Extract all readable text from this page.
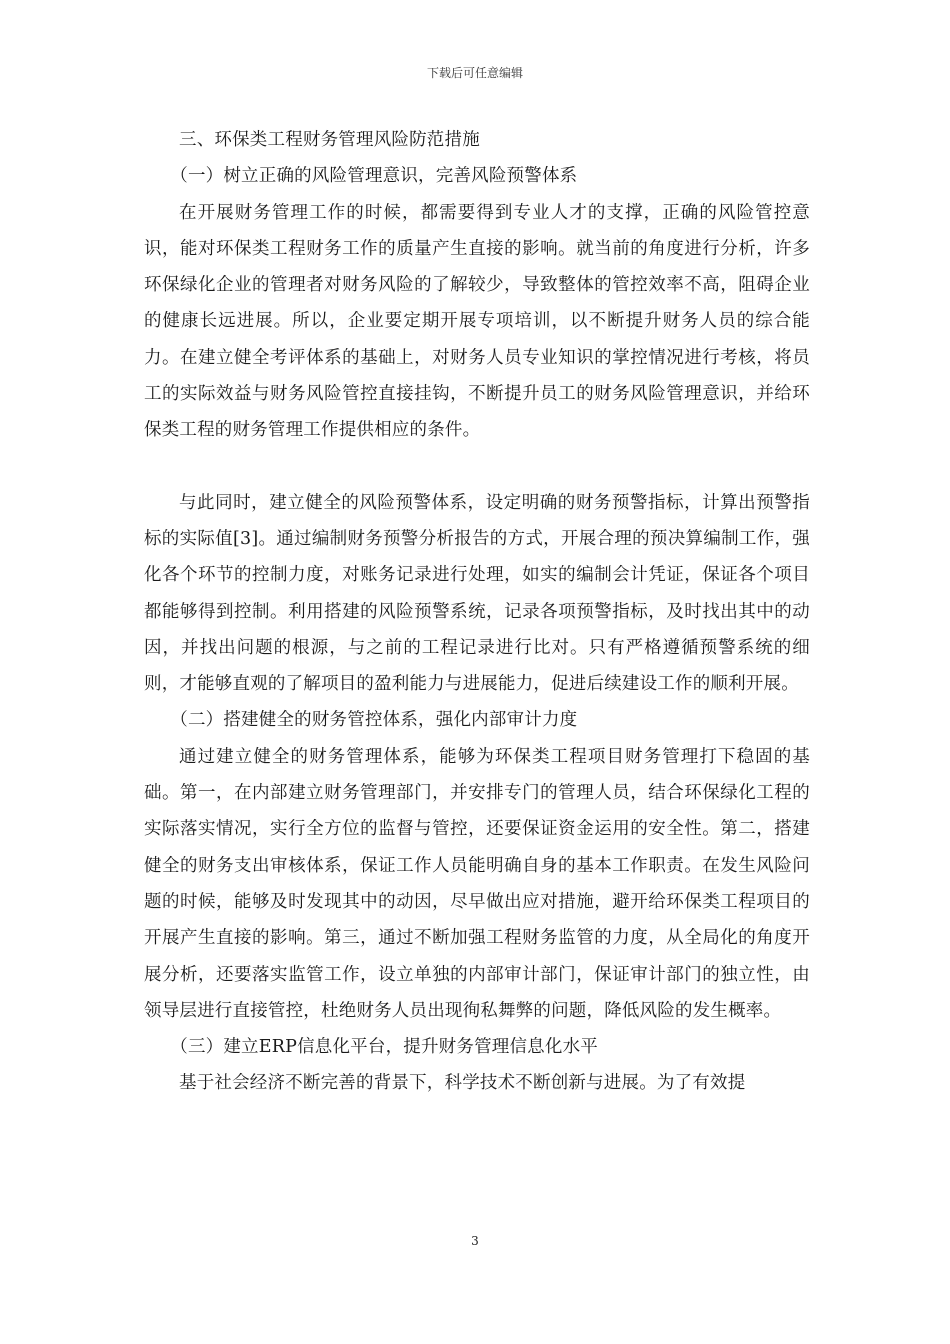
下载后可任意编辑

三、环保类工程财务管理风险防范措施

（一）树立正确的风险管理意识，完善风险预警体系

在开展财务管理工作的时候，都需要得到专业人才的支撑，正确的风险管控意识，能对环保类工程财务工作的质量产生直接的影响。就当前的角度进行分析，许多环保绿化企业的管理者对财务风险的了解较少，导致整体的管控效率不高，阻碍企业的健康长远进展。所以，企业要定期开展专项培训，以不断提升财务人员的综合能力。在建立健全考评体系的基础上，对财务人员专业知识的掌控情况进行考核，将员工的实际效益与财务风险管控直接挂钩，不断提升员工的财务风险管理意识，并给环保类工程的财务管理工作提供相应的条件。

与此同时，建立健全的风险预警体系，设定明确的财务预警指标，计算出预警指标的实际值[3]。通过编制财务预警分析报告的方式，开展合理的预决算编制工作，强化各个环节的控制力度，对账务记录进行处理，如实的编制会计凭证，保证各个项目都能够得到控制。利用搭建的风险预警系统，记录各项预警指标，及时找出其中的动因，并找出问题的根源，与之前的工程记录进行比对。只有严格遵循预警系统的细则，才能够直观的了解项目的盈利能力与进展能力，促进后续建设工作的顺利开展。

（二）搭建健全的财务管控体系，强化内部审计力度

通过建立健全的财务管理体系，能够为环保类工程项目财务管理打下稳固的基础。第一，在内部建立财务管理部门，并安排专门的管理人员，结合环保绿化工程的实际落实情况，实行全方位的监督与管控，还要保证资金运用的安全性。第二，搭建健全的财务支出审核体系，保证工作人员能明确自身的基本工作职责。在发生风险问题的时候，能够及时发现其中的动因，尽早做出应对措施，避开给环保类工程项目的开展产生直接的影响。第三，通过不断加强工程财务监管的力度，从全局化的角度开展分析，还要落实监管工作，设立单独的内部审计部门，保证审计部门的独立性，由领导层进行直接管控，杜绝财务人员出现徇私舞弊的问题，降低风险的发生概率。

（三）建立ERP信息化平台，提升财务管理信息化水平

基于社会经济不断完善的背景下，科学技术不断创新与进展。为了有效提

3
